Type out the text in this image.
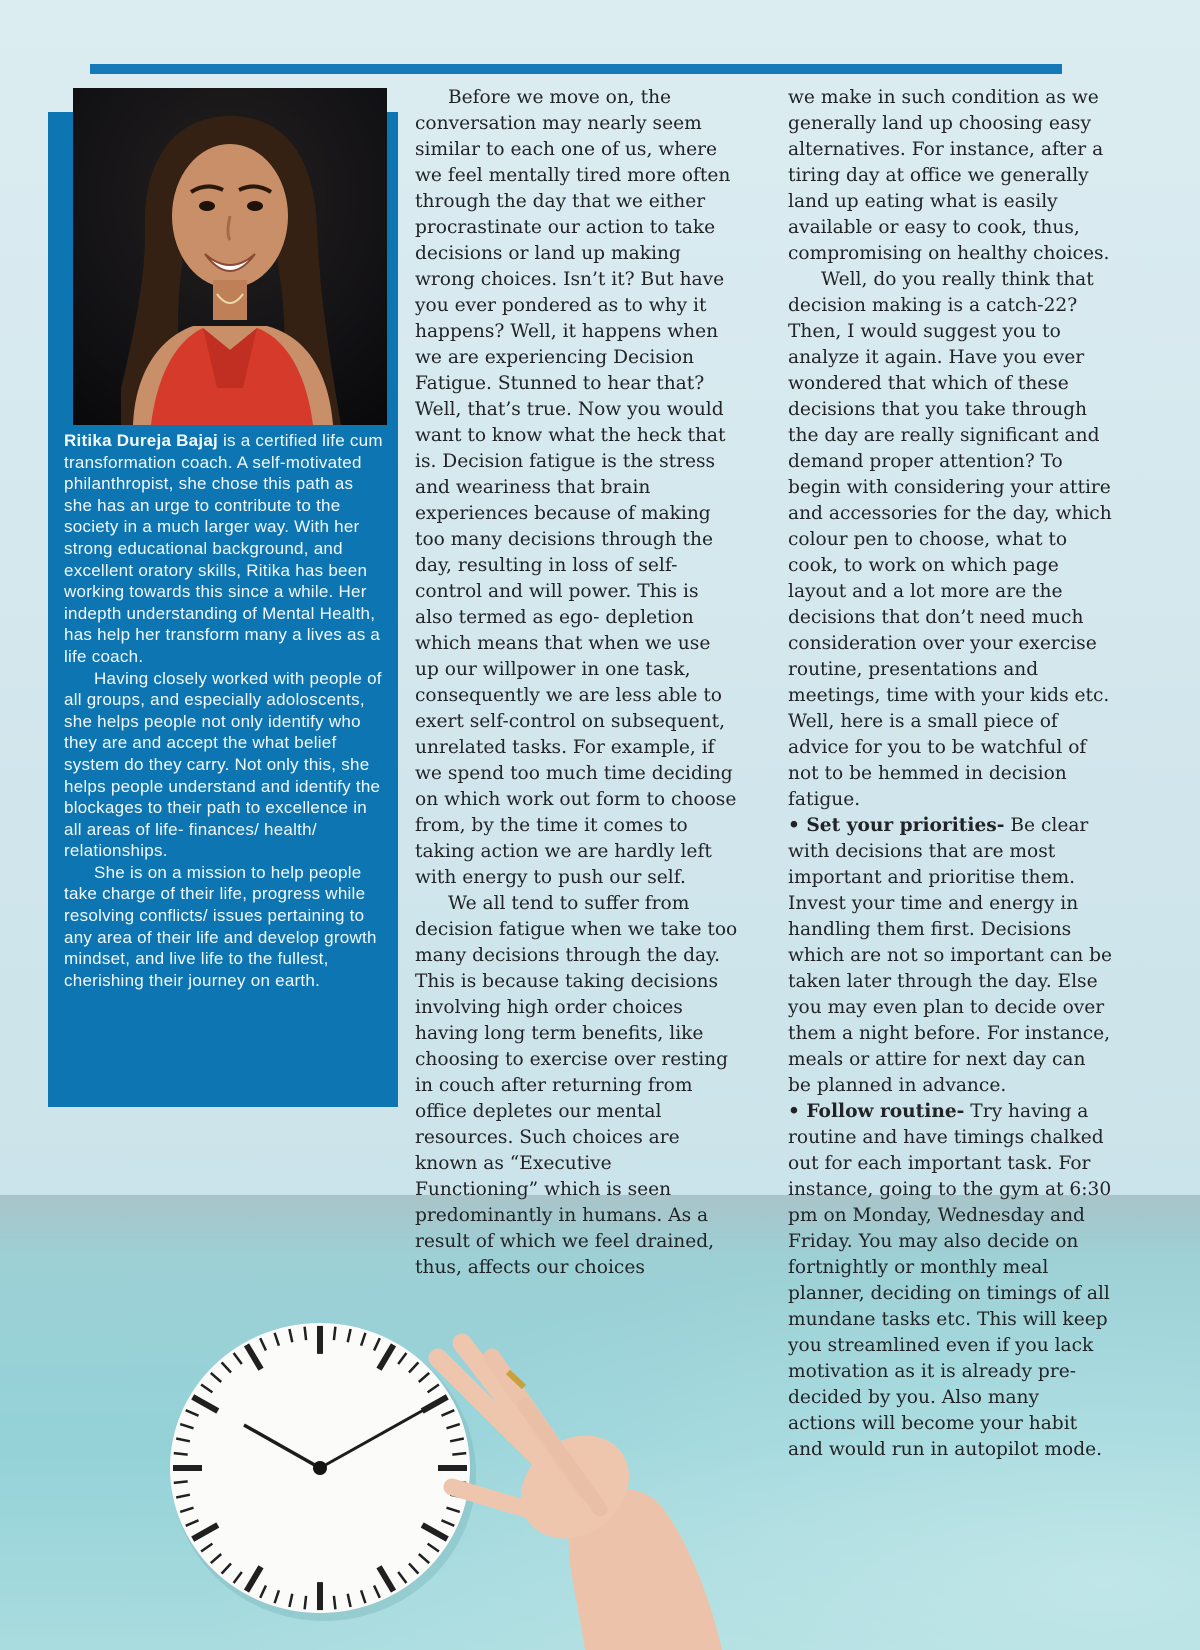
Ritika Dureja Bajaj is a certified life cum transformation coach. A self-motivated philanthropist, she chose this path as she has an urge to contribute to the society in a much larger way. With her strong educational background, and excellent oratory skills, Ritika has been working towards this since a while. Her indepth understanding of Mental Health, has help her transform many a lives as a life coach.

Having closely worked with people of all groups, and especially adoloscents, she helps people not only identify who they are and accept the what belief system do they carry. Not only this, she helps people understand and identify the blockages to their path to excellence in all areas of life- finances/ health/ relationships.

She is on a mission to help people take charge of their life, progress while resolving conflicts/ issues pertaining to any area of their life and develop growth mindset, and live life to the fullest, cherishing their journey on earth.

Before we move on, the conversation may nearly seem similar to each one of us, where we feel mentally tired more often through the day that we either procrastinate our action to take decisions or land up making wrong choices. Isn’t it? But have you ever pondered as to why it happens? Well, it happens when we are experiencing Decision Fatigue. Stunned to hear that? Well, that’s true. Now you would want to know what the heck that is. Decision fatigue is the stress and weariness that brain experiences because of making too many decisions through the day, resulting in loss of self-control and will power. This is also termed as ego- depletion which means that when we use up our willpower in one task, consequently we are less able to exert self-control on subsequent, unrelated tasks. For example, if we spend too much time deciding on which work out form to choose from, by the time it comes to taking action we are hardly left with energy to push our self.

We all tend to suffer from decision fatigue when we take too many decisions through the day. This is because taking decisions involving high order choices having long term benefits, like choosing to exercise over resting in couch after returning from office depletes our mental resources. Such choices are known as “Executive Functioning” which is seen predominantly in humans. As a result of which we feel drained, thus, affects our choices

we make in such condition as we generally land up choosing easy alternatives. For instance, after a tiring day at office we generally land up eating what is easily available or easy to cook, thus, compromising on healthy choices.

Well, do you really think that decision making is a catch-22? Then, I would suggest you to analyze it again. Have you ever wondered that which of these decisions that you take through the day are really significant and demand proper attention? To begin with considering your attire and accessories for the day, which colour pen to choose, what to cook, to work on which page layout and a lot more are the decisions that don’t need much consideration over your exercise routine, presentations and meetings, time with your kids etc. Well, here is a small piece of advice for you to be watchful of not to be hemmed in decision fatigue.

• Set your priorities- Be clear with decisions that are most important and prioritise them. Invest your time and energy in handling them first. Decisions which are not so important can be taken later through the day. Else you may even plan to decide over them a night before. For instance, meals or attire for next day can be planned in advance.

• Follow routine- Try having a routine and have timings chalked out for each important task. For instance, going to the gym at 6:30 pm on Monday, Wednesday and Friday. You may also decide on fortnightly or monthly meal planner, deciding on timings of all mundane tasks etc. This will keep you streamlined even if you lack motivation as it is already pre-decided by you. Also many actions will become your habit and would run in autopilot mode.
